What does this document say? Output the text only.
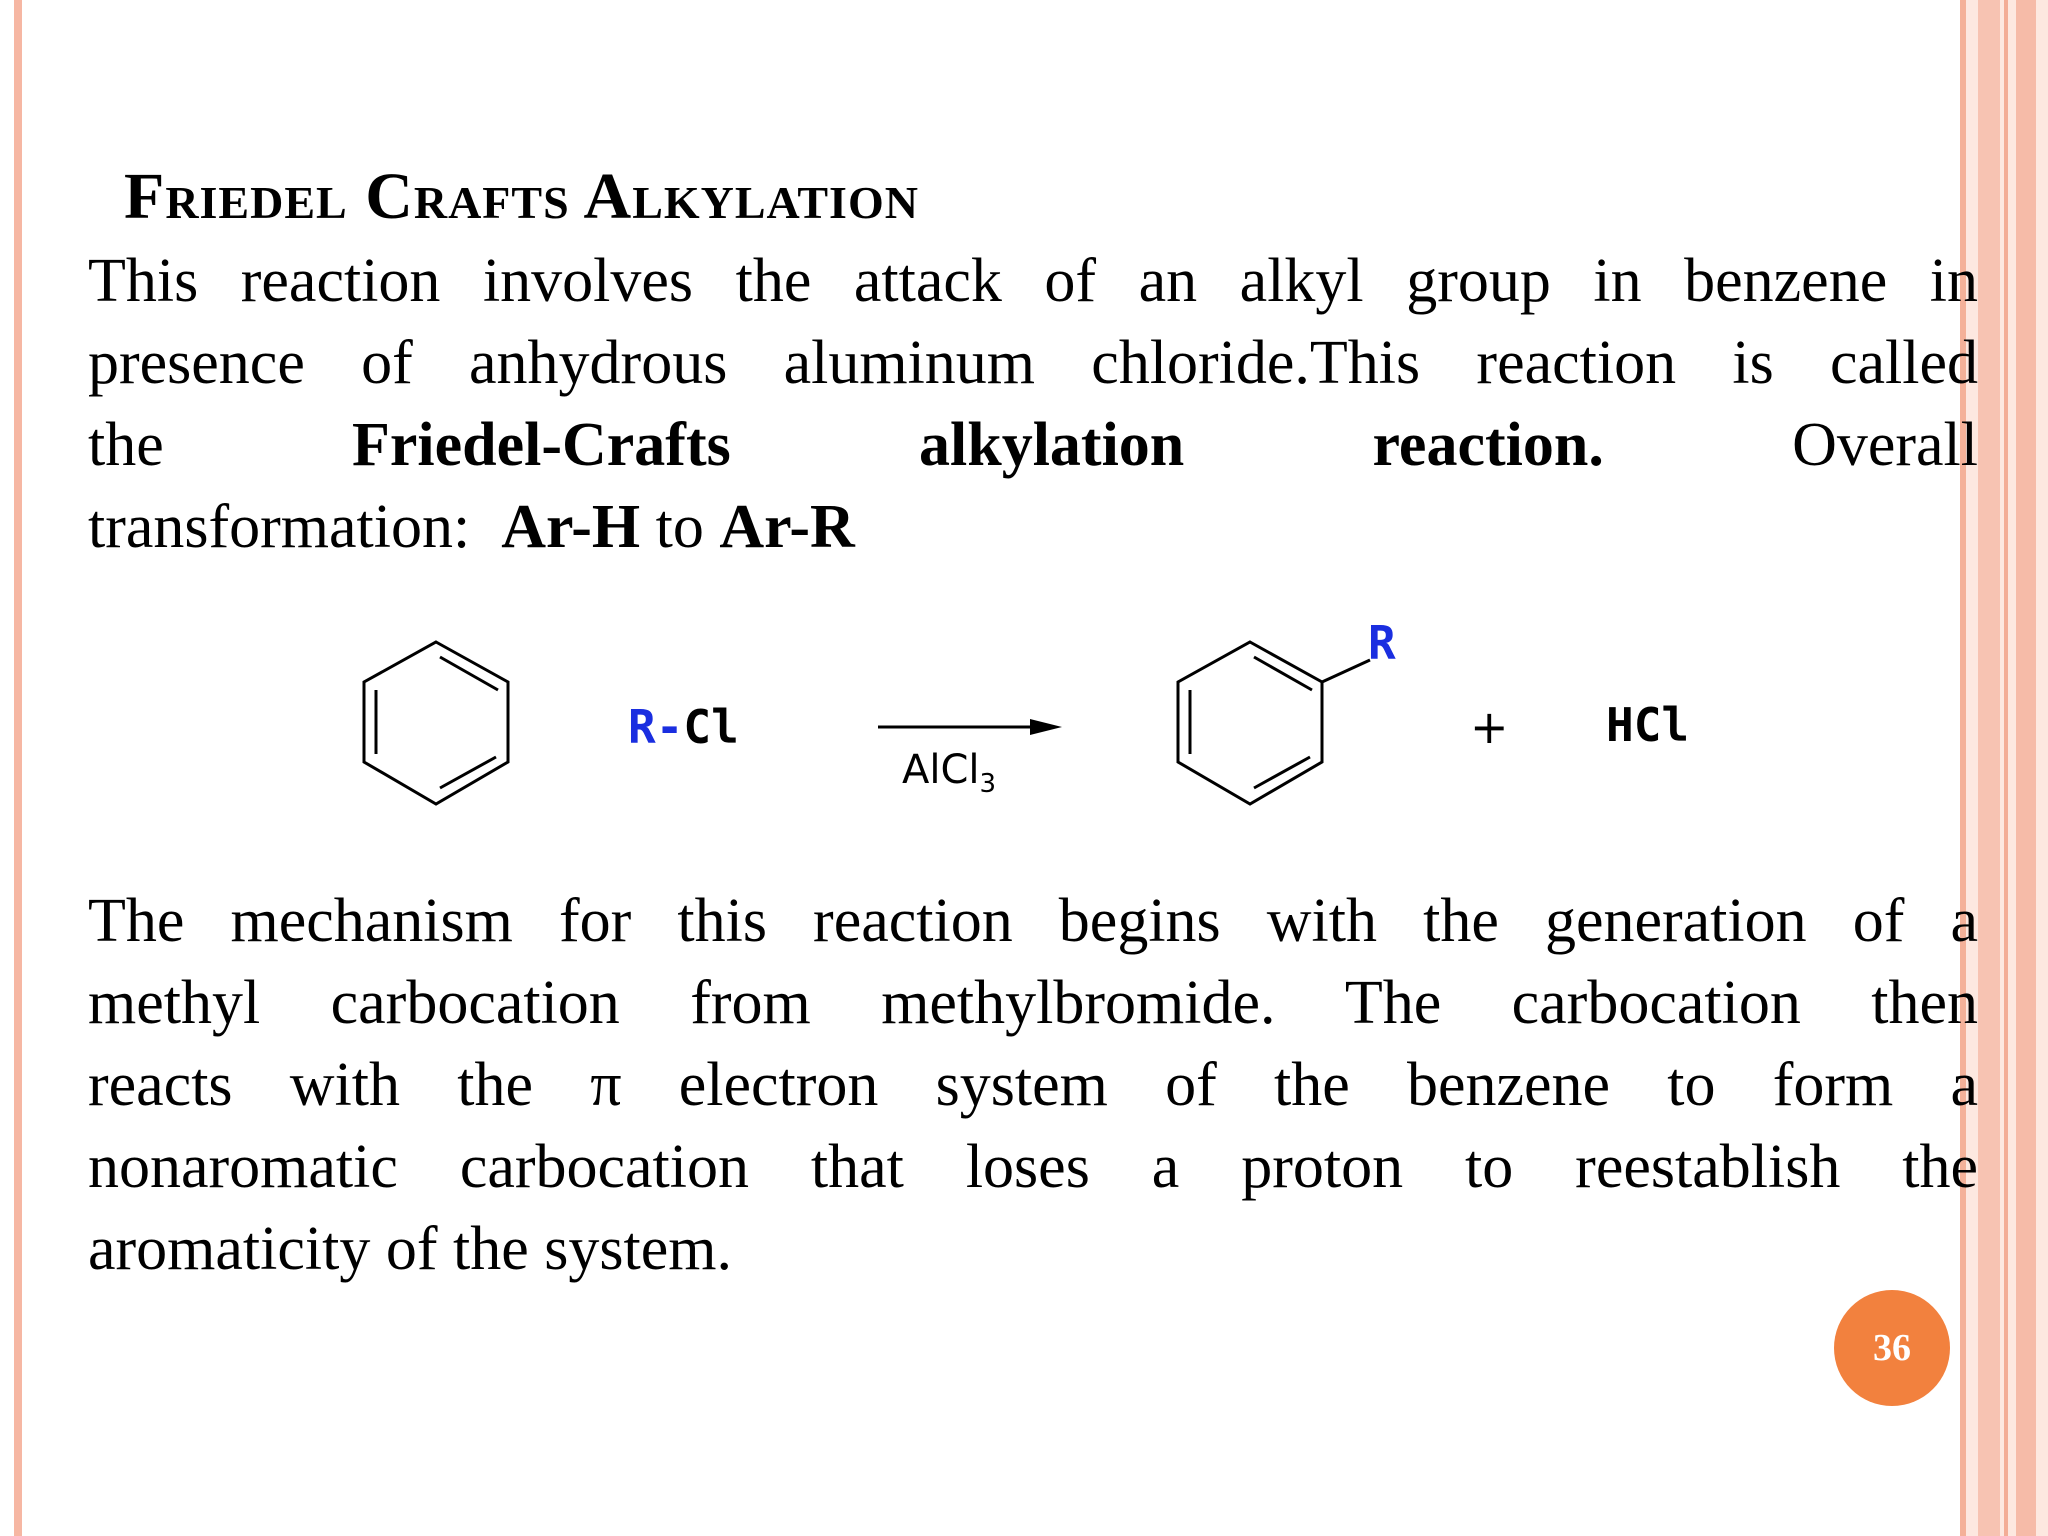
Friedel Crafts Alkylation
This reaction involves the attack of an alkyl group in benzene in
presence of anhydrous aluminum chloride.This reaction is called
the	Friedel-Crafts	alkylation	reaction.	Overall
transformation:  Ar-H to Ar-R
R-Cl
AlCl$_3$
R
+ HCl
The mechanism for this reaction begins with the generation of a
methyl carbocation from methylbromide. The carbocation then
reacts with the π electron system of the benzene to form a
nonaromatic carbocation that loses a proton to reestablish the
aromaticity of the system.
36
